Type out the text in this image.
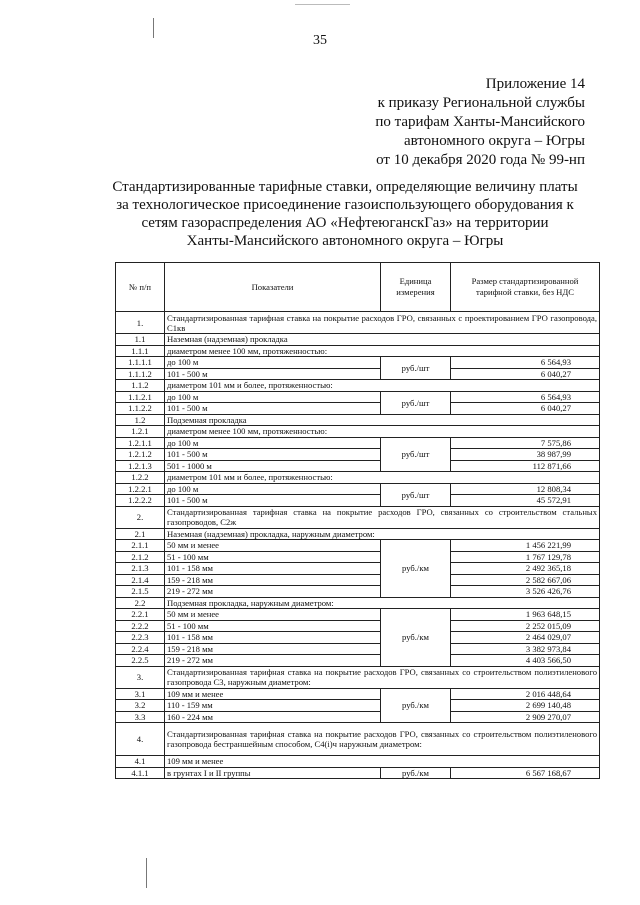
35
Приложение 14
к приказу Региональной службы
по тарифам Ханты-Мансийского
автономного округа – Югры
от 10 декабря 2020 года № 99-нп
Стандартизированные тарифные ставки, определяющие величину платы
за технологическое присоединение газоиспользующего оборудования к
сетям газораспределения АО «НефтеюганскГаз» на территории
Ханты-Мансийского автономного округа – Югры
№ п/п	Показатели	Единица измерения	Размер стандартизированной тарифной ставки, без НДС
1.	Стандартизированная тарифная ставка на покрытие расходов ГРО, связанных с проектированием ГРО газопровода, С1кв		
1.1	Наземная (надземная) прокладка		
1.1.1	диаметром менее 100 мм, протяженностью:		
1.1.1.1	до 100 м	руб./шт	6 564,93
1.1.1.2	101 - 500 м		6 040,27
1.1.2	диаметром 101 мм и более, протяженностью:		
1.1.2.1	до 100 м	руб./шт	6 564,93
1.1.2.2	101 - 500 м		6 040,27
1.2	Подземная прокладка		
1.2.1	диаметром менее 100 мм, протяженностью:		
1.2.1.1	до 100 м	руб./шт	7 575,86
1.2.1.2	101 - 500 м		38 987,99
1.2.1.3	501 - 1000 м		112 871,66
1.2.2	диаметром 101 мм и более, протяженностью:		
1.2.2.1	до 100 м	руб./шт	12 808,34
1.2.2.2	101 - 500 м		45 572,91
2.	Стандартизированная тарифная ставка на покрытие расходов ГРО, связанных со строительством стальных газопроводов, С2ж		
2.1	Наземная (надземная) прокладка, наружным диаметром:		
2.1.1	50 мм и менее	руб./км	1 456 221,99
2.1.2	51 - 100 мм		1 767 129,78
2.1.3	101 - 158 мм		2 492 365,18
2.1.4	159 - 218 мм		2 582 667,06
2.1.5	219 - 272 мм		3 526 426,76
2.2	Подземная прокладка, наружным диаметром:		
2.2.1	50 мм и менее	руб./км	1 963 648,15
2.2.2	51 - 100 мм		2 252 015,09
2.2.3	101 - 158 мм		2 464 029,07
2.2.4	159 - 218 мм		3 382 973,84
2.2.5	219 - 272 мм		4 403 566,50
3.	Стандартизированная тарифная ставка на покрытие расходов ГРО, связанных со строительством полиэтиленового газопровода С3, наружным диаметром:		
3.1	109 мм и менее	руб./км	2 016 448,64
3.2	110 - 159 мм		2 699 140,48
3.3	160 - 224 мм		2 909 270,07
4.	Стандартизированная тарифная ставка на покрытие расходов ГРО, связанных со строительством полиэтиленового газопровода бестраншейным способом, С4(i)ч наружным диаметром:		
4.1	109 мм и менее		
4.1.1	в грунтах I и II группы	руб./км	6 567 168,67
